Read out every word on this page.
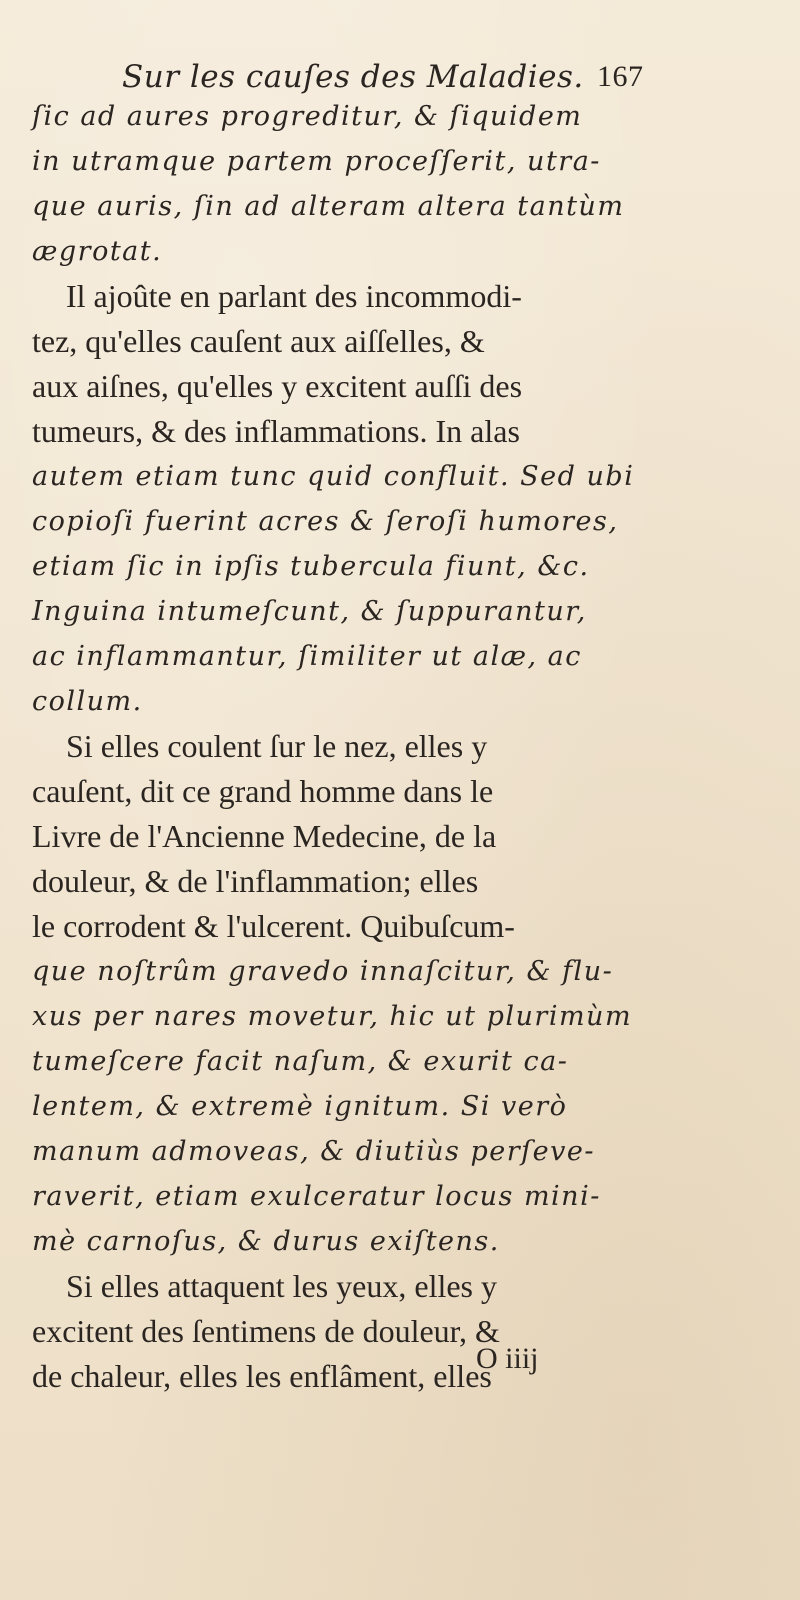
Sur les cauſes des Maladies. 167
ſic ad aures progreditur, & ſiquidem
in utramque partem proceſſerit, utra-
que auris, ſin ad alteram altera tantùm
ægrotat.
Il ajoûte en parlant des incommodi-
tez, qu'elles cauſent aux aiſſelles, &
aux aiſnes, qu'elles y excitent auſſi des
tumeurs, & des inflammations. In alas
autem etiam tunc quid confluit. Sed ubi
copioſi fuerint acres & ſeroſi humores,
etiam ſic in ipſis tubercula fiunt, &c.
Inguina intumeſcunt, & ſuppurantur,
ac inflammantur, ſimiliter ut alæ, ac
collum.
Si elles coulent ſur le nez, elles y
cauſent, dit ce grand homme dans le
Livre de l'Ancienne Medecine, de la
douleur, & de l'inflammation; elles
le corrodent & l'ulcerent. Quibuſcum-
que noſtrûm gravedo innaſcitur, & flu-
xus per nares movetur, hic ut plurimùm
tumeſcere facit naſum, & exurit ca-
lentem, & extremè ignitum. Si verò
manum admoveas, & diutiùs perſeve-
raverit, etiam exulceratur locus mini-
mè carnoſus, & durus exiſtens.
Si elles attaquent les yeux, elles y
excitent des ſentimens de douleur, &
de chaleur, elles les enflâment, elles
O iiij
